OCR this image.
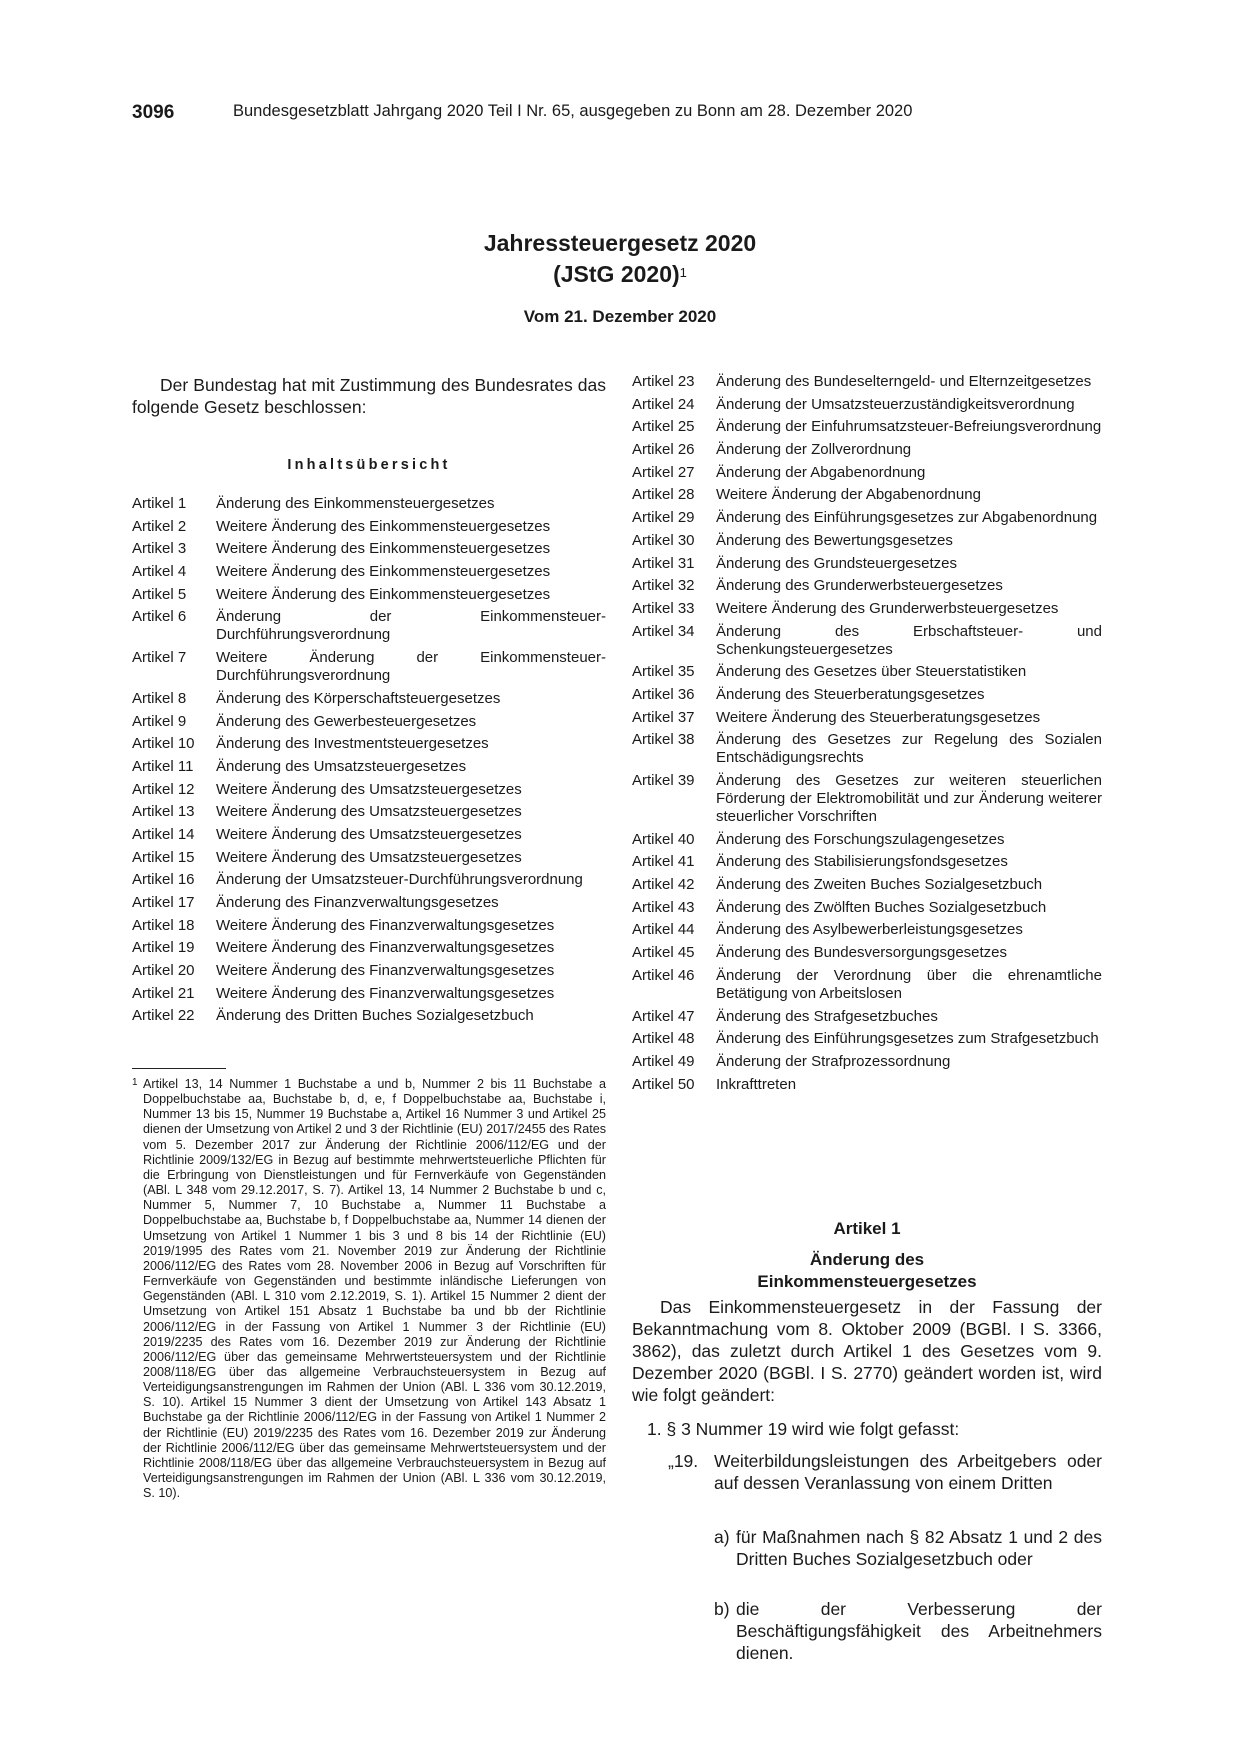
3096	Bundesgesetzblatt Jahrgang 2020 Teil I Nr. 65, ausgegeben zu Bonn am 28. Dezember 2020
Jahressteuergesetz 2020
(JStG 2020)$^1$
Vom 21. Dezember 2020
Der Bundestag hat mit Zustimmung des Bundesrates das folgende Gesetz beschlossen:
Inhaltsübersicht
Artikel 1	Änderung des Einkommensteuergesetzes
Artikel 2	Weitere Änderung des Einkommensteuergesetzes
Artikel 3	Weitere Änderung des Einkommensteuergesetzes
Artikel 4	Weitere Änderung des Einkommensteuergesetzes
Artikel 5	Weitere Änderung des Einkommensteuergesetzes
Artikel 6	Änderung der Einkommensteuer-Durchführungsverordnung
Artikel 7	Weitere Änderung der Einkommensteuer-Durchführungsverordnung
Artikel 8	Änderung des Körperschaftsteuergesetzes
Artikel 9	Änderung des Gewerbesteuergesetzes
Artikel 10	Änderung des Investmentsteuergesetzes
Artikel 11	Änderung des Umsatzsteuergesetzes
Artikel 12	Weitere Änderung des Umsatzsteuergesetzes
Artikel 13	Weitere Änderung des Umsatzsteuergesetzes
Artikel 14	Weitere Änderung des Umsatzsteuergesetzes
Artikel 15	Weitere Änderung des Umsatzsteuergesetzes
Artikel 16	Änderung der Umsatzsteuer-Durchführungsverordnung
Artikel 17	Änderung des Finanzverwaltungsgesetzes
Artikel 18	Weitere Änderung des Finanzverwaltungsgesetzes
Artikel 19	Weitere Änderung des Finanzverwaltungsgesetzes
Artikel 20	Weitere Änderung des Finanzverwaltungsgesetzes
Artikel 21	Weitere Änderung des Finanzverwaltungsgesetzes
Artikel 22	Änderung des Dritten Buches Sozialgesetzbuch
Artikel 23	Änderung des Bundeselterngeld- und Elternzeitgesetzes
Artikel 24	Änderung der Umsatzsteuerzuständigkeitsverordnung
Artikel 25	Änderung der Einfuhrumsatzsteuer-Befreiungsverordnung
Artikel 26	Änderung der Zollverordnung
Artikel 27	Änderung der Abgabenordnung
Artikel 28	Weitere Änderung der Abgabenordnung
Artikel 29	Änderung des Einführungsgesetzes zur Abgabenordnung
Artikel 30	Änderung des Bewertungsgesetzes
Artikel 31	Änderung des Grundsteuergesetzes
Artikel 32	Änderung des Grunderwerbsteuergesetzes
Artikel 33	Weitere Änderung des Grunderwerbsteuergesetzes
Artikel 34	Änderung des Erbschaftsteuer- und Schenkungsteuergesetzes
Artikel 35	Änderung des Gesetzes über Steuerstatistiken
Artikel 36	Änderung des Steuerberatungsgesetzes
Artikel 37	Weitere Änderung des Steuerberatungsgesetzes
Artikel 38	Änderung des Gesetzes zur Regelung des Sozialen Entschädigungsrechts
Artikel 39	Änderung des Gesetzes zur weiteren steuerlichen Förderung der Elektromobilität und zur Änderung weiterer steuerlicher Vorschriften
Artikel 40	Änderung des Forschungszulagengesetzes
Artikel 41	Änderung des Stabilisierungsfondsgesetzes
Artikel 42	Änderung des Zweiten Buches Sozialgesetzbuch
Artikel 43	Änderung des Zwölften Buches Sozialgesetzbuch
Artikel 44	Änderung des Asylbewerberleistungsgesetzes
Artikel 45	Änderung des Bundesversorgungsgesetzes
Artikel 46	Änderung der Verordnung über die ehrenamtliche Betätigung von Arbeitslosen
Artikel 47	Änderung des Strafgesetzbuches
Artikel 48	Änderung des Einführungsgesetzes zum Strafgesetzbuch
Artikel 49	Änderung der Strafprozessordnung
Artikel 50	Inkrafttreten
1 Artikel 13, 14 Nummer 1 Buchstabe a und b, Nummer 2 bis 11 Buchstabe a Doppelbuchstabe aa, Buchstabe b, d, e, f Doppelbuchstabe aa, Buchstabe i, Nummer 13 bis 15, Nummer 19 Buchstabe a, Artikel 16 Nummer 3 und Artikel 25 dienen der Umsetzung von Artikel 2 und 3 der Richtlinie (EU) 2017/2455 des Rates vom 5. Dezember 2017 zur Änderung der Richtlinie 2006/112/EG und der Richtlinie 2009/132/EG in Bezug auf bestimmte mehrwertsteuerliche Pflichten für die Erbringung von Dienstleistungen und für Fernverkäufe von Gegenständen (ABl. L 348 vom 29.12.2017, S. 7). Artikel 13, 14 Nummer 2 Buchstabe b und c, Nummer 5, Nummer 7, 10 Buchstabe a, Nummer 11 Buchstabe a Doppelbuchstabe aa, Buchstabe b, f Doppelbuchstabe aa, Nummer 14 dienen der Umsetzung von Artikel 1 Nummer 1 bis 3 und 8 bis 14 der Richtlinie (EU) 2019/1995 des Rates vom 21. November 2019 zur Änderung der Richtlinie 2006/112/EG des Rates vom 28. November 2006 in Bezug auf Vorschriften für Fernverkäufe von Gegenständen und bestimmte inländische Lieferungen von Gegenständen (ABl. L 310 vom 2.12.2019, S. 1). Artikel 15 Nummer 2 dient der Umsetzung von Artikel 151 Absatz 1 Buchstabe ba und bb der Richtlinie 2006/112/EG in der Fassung von Artikel 1 Nummer 3 der Richtlinie (EU) 2019/2235 des Rates vom 16. Dezember 2019 zur Änderung der Richtlinie 2006/112/EG über das gemeinsame Mehrwertsteuersystem und der Richtlinie 2008/118/EG über das allgemeine Verbrauchsteuersystem in Bezug auf Verteidigungsanstrengungen im Rahmen der Union (ABl. L 336 vom 30.12.2019, S. 10). Artikel 15 Nummer 3 dient der Umsetzung von Artikel 143 Absatz 1 Buchstabe ga der Richtlinie 2006/112/EG in der Fassung von Artikel 1 Nummer 2 der Richtlinie (EU) 2019/2235 des Rates vom 16. Dezember 2019 zur Änderung der Richtlinie 2006/112/EG über das gemeinsame Mehrwertsteuersystem und der Richtlinie 2008/118/EG über das allgemeine Verbrauchsteuersystem in Bezug auf Verteidigungsanstrengungen im Rahmen der Union (ABl. L 336 vom 30.12.2019, S. 10).
Artikel 1
Änderung des
Einkommensteuergesetzes
Das Einkommensteuergesetz in der Fassung der Bekanntmachung vom 8. Oktober 2009 (BGBl. I S. 3366, 3862), das zuletzt durch Artikel 1 des Gesetzes vom 9. Dezember 2020 (BGBl. I S. 2770) geändert worden ist, wird wie folgt geändert:
1. § 3 Nummer 19 wird wie folgt gefasst:
„19. Weiterbildungsleistungen des Arbeitgebers oder auf dessen Veranlassung von einem Dritten
a) für Maßnahmen nach § 82 Absatz 1 und 2 des Dritten Buches Sozialgesetzbuch oder
b) die der Verbesserung der Beschäftigungsfähigkeit des Arbeitnehmers dienen.
